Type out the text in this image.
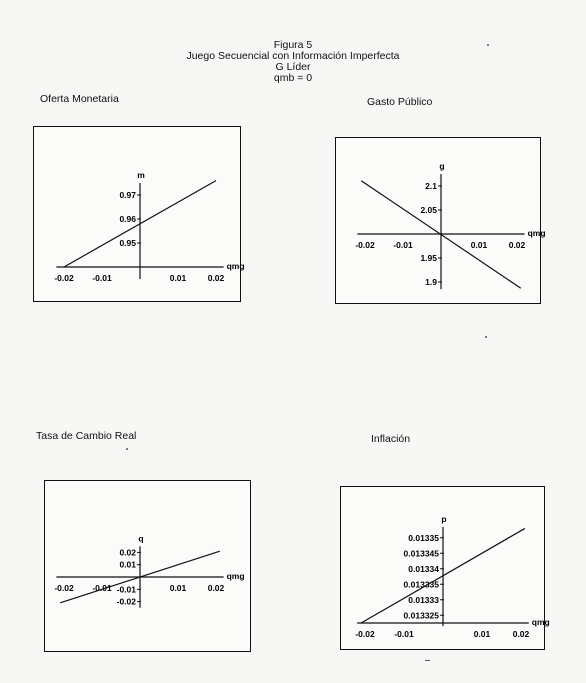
Figura 5
Juego Secuencial con Información Imperfecta
G Líder
qmb = 0
Oferta Monetaria	Gasto Público
Tasa de Cambio Real	Inflación
qmg
m
-0.02 -0.01	0.01	0.02
0.97
0.96
0.95
qmg
g
-0.02 -0.01	0.01	0.02
2.1
2.05
1.95
1.9
qmg
q
-0.02 -0.01	0.01	0.02
0.02
0.01
-0.01
-0.02
qmg
p
-0.02 -0.01	0.01	0.02
0.01335
0.013345
0.01334
0.013335
0.01333
0.013325
